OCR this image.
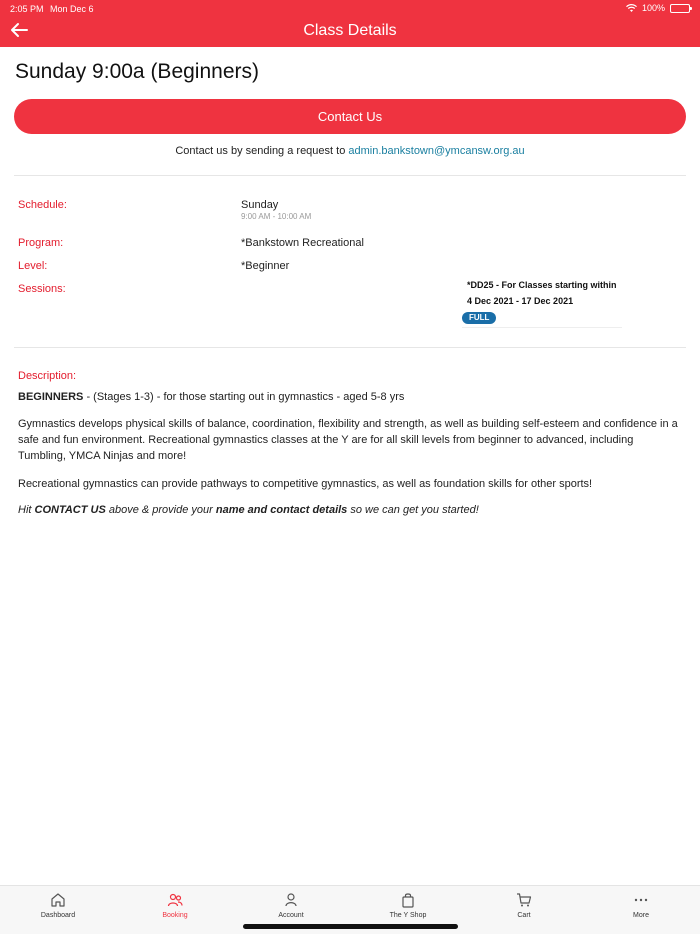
2:05 PM Mon Dec 6	100%
Class Details
Sunday 9:00a (Beginners)
Contact Us
Contact us by sending a request to admin.bankstown@ymcansw.org.au
Schedule:	Sunday
9:00 AM - 10:00 AM
Program:	*Bankstown Recreational
Level:	*Beginner
Sessions:	*DD25 - For Classes starting within
4 Dec 2021 - 17 Dec 2021
FULL
Description:
BEGINNERS - (Stages 1-3) - for those starting out in gymnastics - aged 5-8 yrs
Gymnastics develops physical skills of balance, coordination, flexibility and strength, as well as building self-esteem and confidence in a safe and fun environment. Recreational gymnastics classes at the Y are for all skill levels from beginner to advanced, including Tumbling, YMCA Ninjas and more!
Recreational gymnastics can provide pathways to competitive gymnastics, as well as foundation skills for other sports!
Hit CONTACT US above & provide your name and contact details so we can get you started!
Dashboard	Booking	Account	The Y Shop	Cart	More
